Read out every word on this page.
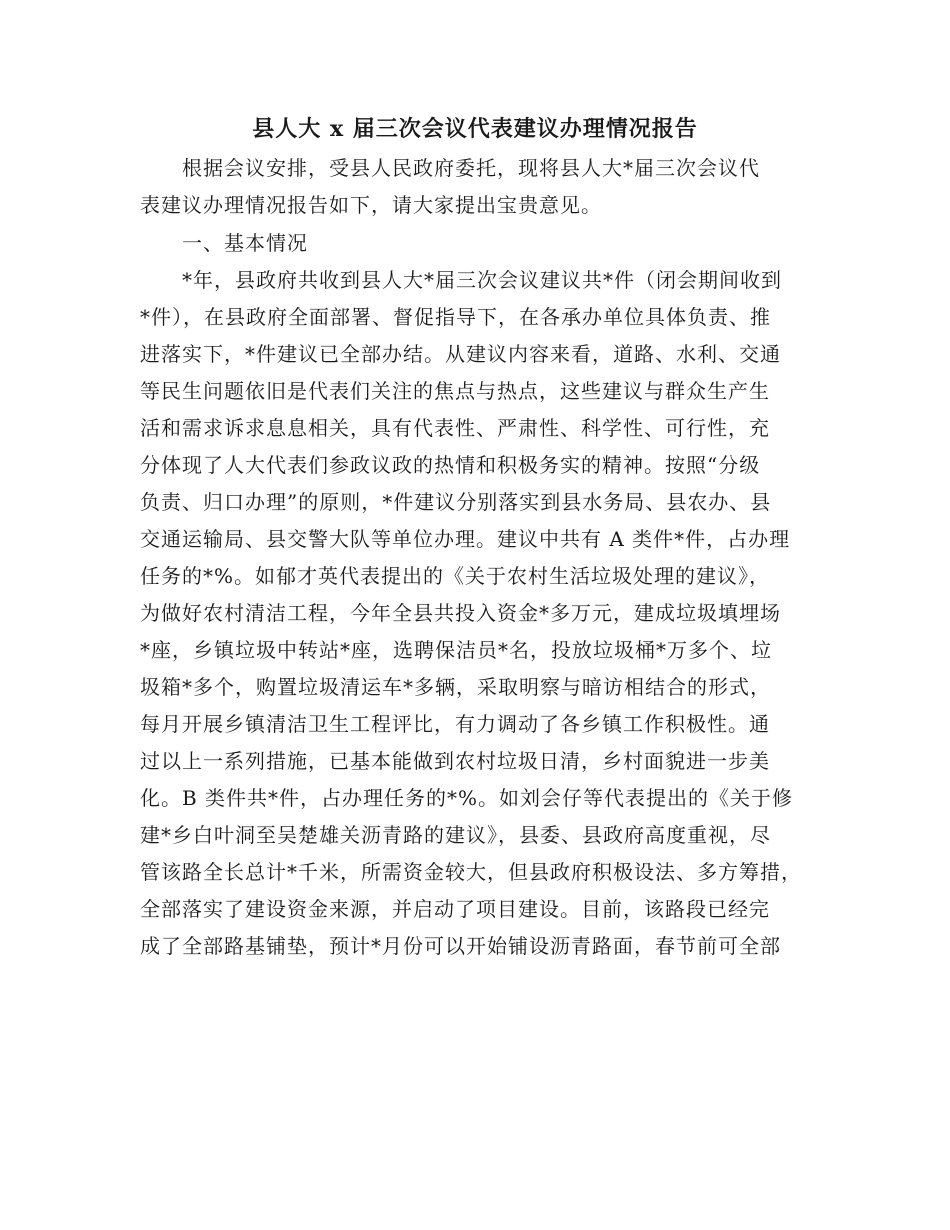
县人大 x 届三次会议代表建议办理情况报告

　　根据会议安排，受县人民政府委托，现将县人大*届三次会议代

表建议办理情况报告如下，请大家提出宝贵意见。

　　一、基本情况

　　*年，县政府共收到县人大*届三次会议建议共*件（闭会期间收到

*件），在县政府全面部署、督促指导下，在各承办单位具体负责、推

进落实下，*件建议已全部办结。从建议内容来看，道路、水利、交通

等民生问题依旧是代表们关注的焦点与热点，这些建议与群众生产生

活和需求诉求息息相关，具有代表性、严肃性、科学性、可行性，充

分体现了人大代表们参政议政的热情和积极务实的精神。按照“分级

负责、归口办理”的原则，*件建议分别落实到县水务局、县农办、县

交通运输局、县交警大队等单位办理。建议中共有 A 类件*件，占办理

任务的*%。如郁才英代表提出的《关于农村生活垃圾处理的建议》，

为做好农村清洁工程，今年全县共投入资金*多万元，建成垃圾填埋场

*座，乡镇垃圾中转站*座，选聘保洁员*名，投放垃圾桶*万多个、垃

圾箱*多个，购置垃圾清运车*多辆，采取明察与暗访相结合的形式，

每月开展乡镇清洁卫生工程评比，有力调动了各乡镇工作积极性。通

过以上一系列措施，已基本能做到农村垃圾日清，乡村面貌进一步美

化。B 类件共*件，占办理任务的*%。如刘会仔等代表提出的《关于修

建*乡白叶洞至吴楚雄关沥青路的建议》，县委、县政府高度重视，尽

管该路全长总计*千米，所需资金较大，但县政府积极设法、多方筹措，

全部落实了建设资金来源，并启动了项目建设。目前，该路段已经完

成了全部路基铺垫，预计*月份可以开始铺设沥青路面，春节前可全部
